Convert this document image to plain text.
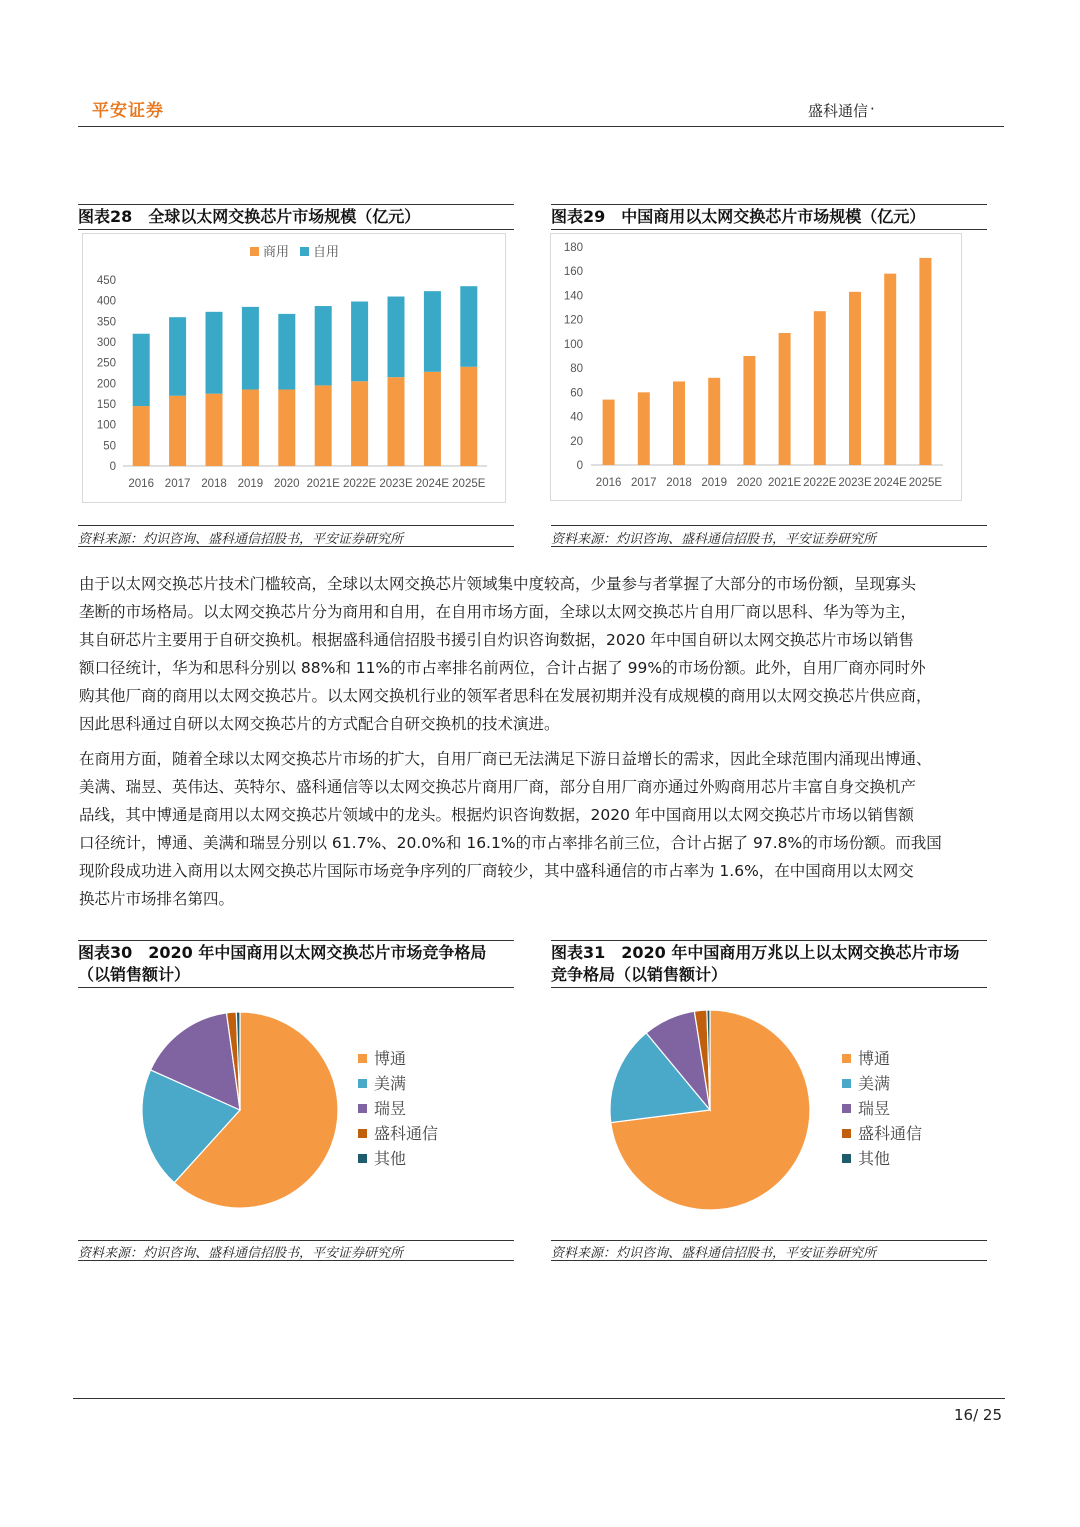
平安证券	盛科通信 ·
图表28　全球以太网交换芯片市场规模（亿元）
商用 自用
0
50
100
150
200
250
300
350
400
450
2016 2017 2018 2019 2020 2021E 2022E 2023E 2024E 2025E
资料来源：灼识咨询、盛科通信招股书，平安证券研究所
图表29　中国商用以太网交换芯片市场规模（亿元）
0
20
40
60
80
100
120
140
160
180
2016 2017 2018 2019 2020 2021E 2022E 2023E 2024E 2025E
资料来源：灼识咨询、盛科通信招股书，平安证券研究所
由于以太网交换芯片技术门槛较高，全球以太网交换芯片领域集中度较高，少量参与者掌握了大部分的市场份额，呈现寡头
垄断的市场格局。以太网交换芯片分为商用和自用，在自用市场方面，全球以太网交换芯片自用厂商以思科、华为等为主，
其自研芯片主要用于自研交换机。根据盛科通信招股书援引自灼识咨询数据，2020 年中国自研以太网交换芯片市场以销售
额口径统计，华为和思科分别以 88%和 11%的市占率排名前两位，合计占据了 99%的市场份额。此外，自用厂商亦同时外
购其他厂商的商用以太网交换芯片。以太网交换机行业的领军者思科在发展初期并没有成规模的商用以太网交换芯片供应商，
因此思科通过自研以太网交换芯片的方式配合自研交换机的技术演进。
在商用方面，随着全球以太网交换芯片市场的扩大，自用厂商已无法满足下游日益增长的需求，因此全球范围内涌现出博通、
美满、瑞昱、英伟达、英特尔、盛科通信等以太网交换芯片商用厂商，部分自用厂商亦通过外购商用芯片丰富自身交换机产
品线，其中博通是商用以太网交换芯片领域中的龙头。根据灼识咨询数据，2020 年中国商用以太网交换芯片市场以销售额
口径统计，博通、美满和瑞昱分别以 61.7%、20.0%和 16.1%的市占率排名前三位，合计占据了 97.8%的市场份额。而我国
现阶段成功进入商用以太网交换芯片国际市场竞争序列的厂商较少，其中盛科通信的市占率为 1.6%，在中国商用以太网交
换芯片市场排名第四。
图表30　2020 年中国商用以太网交换芯片市场竞争格局
（以销售额计）
博通
美满
瑞昱
盛科通信
其他
资料来源：灼识咨询、盛科通信招股书，平安证券研究所
图表31　2020 年中国商用万兆以上以太网交换芯片市场
竞争格局（以销售额计）
博通
美满
瑞昱
盛科通信
其他
资料来源：灼识咨询、盛科通信招股书，平安证券研究所
16/ 25
